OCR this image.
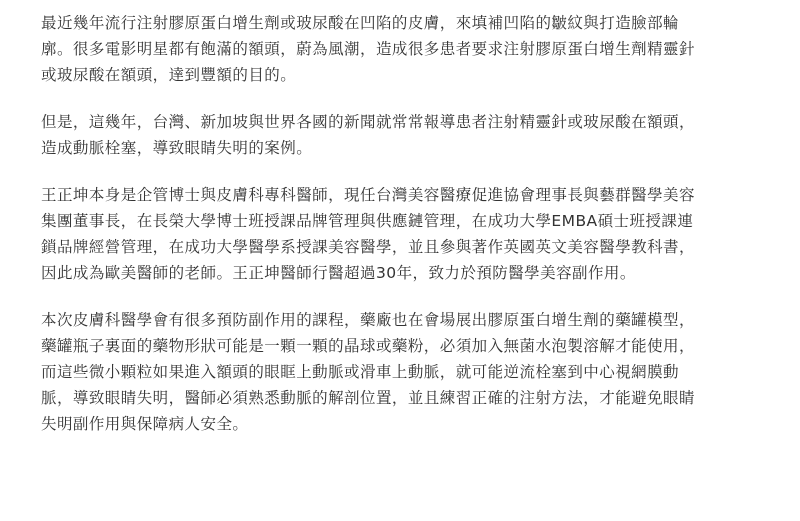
最近幾年流行注射膠原蛋白增生劑或玻尿酸在凹陷的皮膚，來填補凹陷的皺紋與打造臉部輪
廓。很多電影明星都有飽滿的額頭，蔚為風潮，造成很多患者要求注射膠原蛋白增生劑精靈針
或玻尿酸在額頭，達到豐額的目的。

但是，這幾年，台灣、新加坡與世界各國的新聞就常常報導患者注射精靈針或玻尿酸在額頭，
造成動脈栓塞，導致眼睛失明的案例。

王正坤本身是企管博士與皮膚科專科醫師，現任台灣美容醫療促進協會理事長與藝群醫學美容
集團董事長，在長榮大學博士班授課品牌管理與供應鏈管理，在成功大學EMBA碩士班授課連
鎖品牌經營管理，在成功大學醫學系授課美容醫學，並且參與著作英國英文美容醫學教科書，
因此成為歐美醫師的老師。王正坤醫師行醫超過30年，致力於預防醫學美容副作用。

本次皮膚科醫學會有很多預防副作用的課程，藥廠也在會場展出膠原蛋白增生劑的藥罐模型，
藥罐瓶子裏面的藥物形狀可能是一顆一顆的晶球或藥粉，必須加入無菌水泡製溶解才能使用，
而這些微小顆粒如果進入額頭的眼眶上動脈或滑車上動脈，就可能逆流栓塞到中心視網膜動
脈，導致眼睛失明，醫師必須熟悉動脈的解剖位置，並且練習正確的注射方法，才能避免眼睛
失明副作用與保障病人安全。
